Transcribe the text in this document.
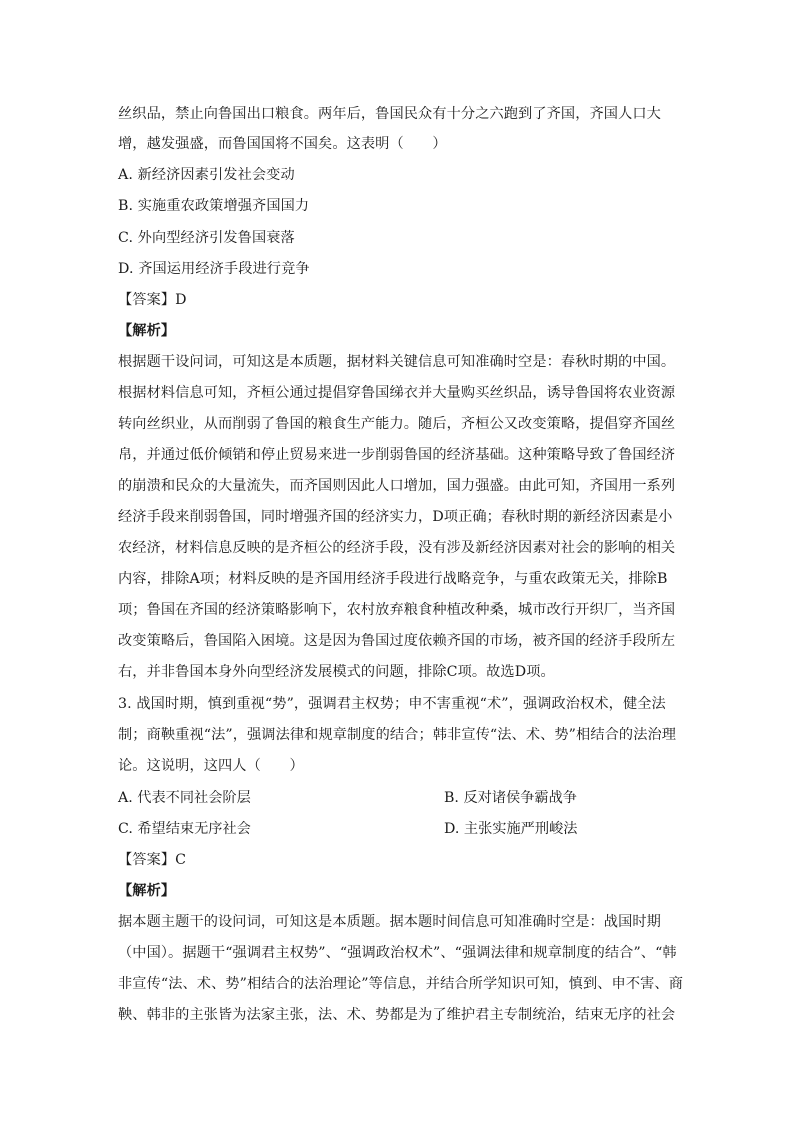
丝织品，禁止向鲁国出口粮食。两年后，鲁国民众有十分之六跑到了齐国，齐国人口大
增，越发强盛，而鲁国国将不国矣。这表明（　　）
A. 新经济因素引发社会变动
B. 实施重农政策增强齐国国力
C. 外向型经济引发鲁国衰落
D. 齐国运用经济手段进行竞争
【答案】D
【解析】
根据题干设问词，可知这是本质题，据材料关键信息可知准确时空是：春秋时期的中国。
根据材料信息可知，齐桓公通过提倡穿鲁国绨衣并大量购买丝织品，诱导鲁国将农业资源
转向丝织业，从而削弱了鲁国的粮食生产能力。随后，齐桓公又改变策略，提倡穿齐国丝
帛，并通过低价倾销和停止贸易来进一步削弱鲁国的经济基础。这种策略导致了鲁国经济
的崩溃和民众的大量流失，而齐国则因此人口增加，国力强盛。由此可知，齐国用一系列
经济手段来削弱鲁国，同时增强齐国的经济实力，D项正确；春秋时期的新经济因素是小
农经济，材料信息反映的是齐桓公的经济手段，没有涉及新经济因素对社会的影响的相关
内容，排除A项；材料反映的是齐国用经济手段进行战略竞争，与重农政策无关，排除B
项；鲁国在齐国的经济策略影响下，农村放弃粮食种植改种桑，城市改行开织厂，当齐国
改变策略后，鲁国陷入困境。这是因为鲁国过度依赖齐国的市场，被齐国的经济手段所左
右，并非鲁国本身外向型经济发展模式的问题，排除C项。故选D项。
3. 战国时期，慎到重视“势”，强调君主权势；申不害重视“术”，强调政治权术，健全法
制；商鞅重视“法”，强调法律和规章制度的结合；韩非宣传“法、术、势”相结合的法治理
论。这说明，这四人（　　）
A. 代表不同社会阶层	B. 反对诸侯争霸战争
C. 希望结束无序社会	D. 主张实施严刑峻法
【答案】C
【解析】
据本题主题干的设问词，可知这是本质题。据本题时间信息可知准确时空是：战国时期
（中国）。据题干“强调君主权势”、“强调政治权术”、“强调法律和规章制度的结合”、“韩
非宣传“法、术、势”相结合的法治理论”等信息，并结合所学知识可知，慎到、申不害、商
鞅、韩非的主张皆为法家主张，法、术、势都是为了维护君主专制统治，结束无序的社会
